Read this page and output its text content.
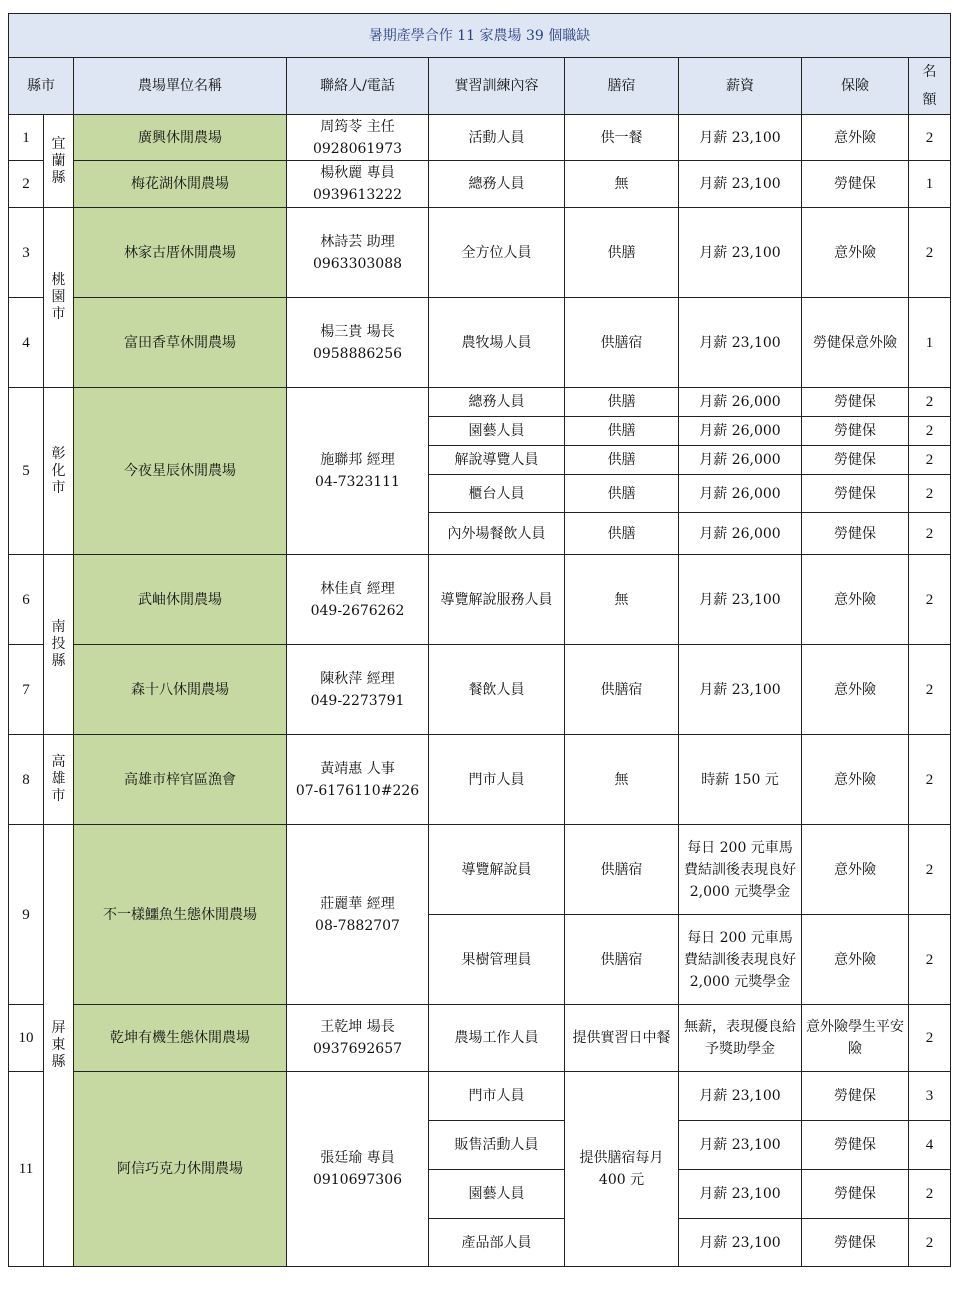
暑期產學合作 11 家農場 39 個職缺								
縣市		農場單位名稱	聯絡人/電話	實習訓練內容	膳宿	薪資	保險	名額
1	宜蘭縣	廣興休閒農場	周筠苓 主任
0928061973	活動人員	供一餐	月薪 23,100	意外險	2
2		梅花湖休閒農場	楊秋麗 專員
0939613222	總務人員	無	月薪 23,100	勞健保	1
3	桃園市	林家古厝休閒農場	林詩芸 助理
0963303088	全方位人員	供膳	月薪 23,100	意外險	2
4		富田香草休閒農場	楊三貴 場長
0958886256	農牧場人員	供膳宿	月薪 23,100	勞健保意外險	1
5	彰化市	今夜星辰休閒農場	施聯邦 經理
04-7323111	總務人員	供膳	月薪 26,000	勞健保	2
				園藝人員	供膳	月薪 26,000	勞健保	2
				解說導覽人員	供膳	月薪 26,000	勞健保	2
				櫃台人員	供膳	月薪 26,000	勞健保	2
				內外場餐飲人員	供膳	月薪 26,000	勞健保	2
6	南投縣	武岫休閒農場	林佳貞 經理
049-2676262	導覽解說服務人員	無	月薪 23,100	意外險	2
7		森十八休閒農場	陳秋萍 經理
049-2273791	餐飲人員	供膳宿	月薪 23,100	意外險	2
8	高雄市	高雄市梓官區漁會	黃靖惠 人事
07-6176110#226	門市人員	無	時薪 150 元	意外險	2
9	屏東縣	不一樣鱷魚生態休閒農場	莊麗華 經理
08-7882707	導覽解說員	供膳宿	每日 200 元車馬費結訓後表現良好 2,000 元獎學金	意外險	2
				果樹管理員	供膳宿	每日 200 元車馬費結訓後表現良好 2,000 元獎學金	意外險	2
10		乾坤有機生態休閒農場	王乾坤 場長
0937692657	農場工作人員	提供實習日中餐	無薪，表現優良給予獎助學金	意外險學生平安險	2
11		阿信巧克力休閒農場	張廷瑜 專員
0910697306	門市人員	提供膳宿每月 400 元	月薪 23,100	勞健保	3
				販售活動人員		月薪 23,100	勞健保	4
				園藝人員		月薪 23,100	勞健保	2
				產品部人員		月薪 23,100	勞健保	2
